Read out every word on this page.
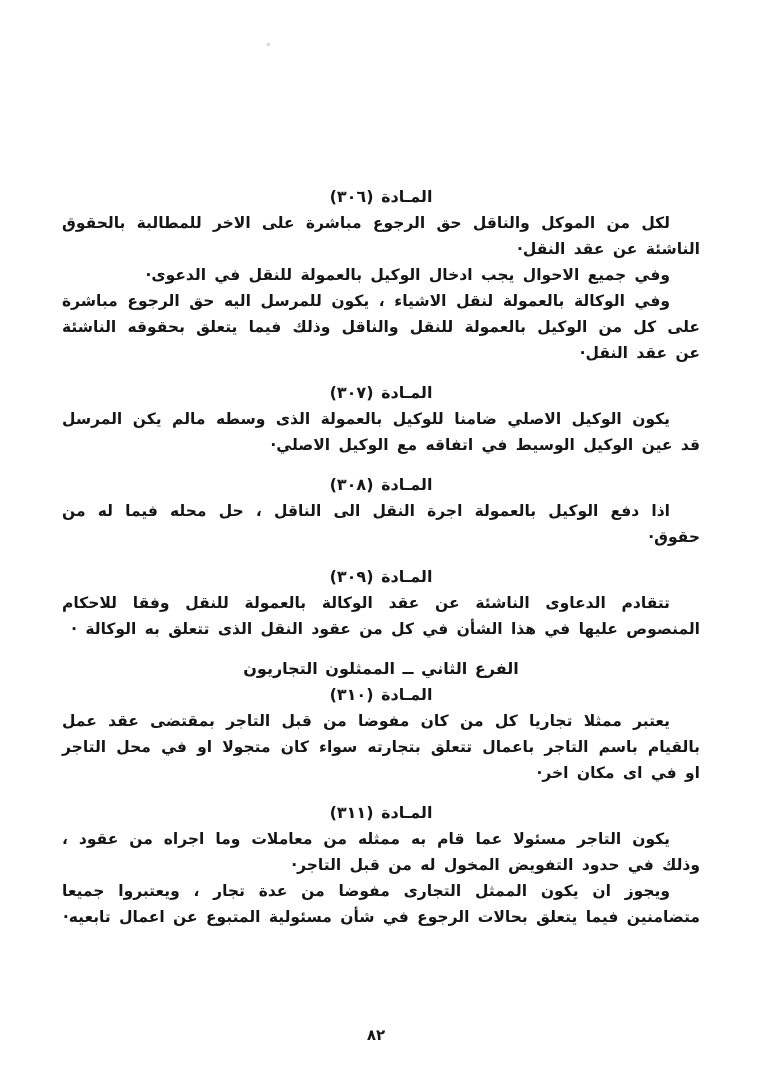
المـادة (٣٠٦)

لكل من الموكل والناقل حق الرجوع مباشرة على الاخر للمطالبة بالحقوق الناشئة عن عقد النقل·

وفي جميع الاحوال يجب ادخال الوكيل بالعمولة للنقل في الدعوى·

وفي الوكالة بالعمولة لنقل الاشياء ، يكون للمرسل اليه حق الرجوع مباشرة على كل من الوكيل بالعمولة للنقل والناقل وذلك فيما يتعلق بحقوقه الناشئة عن عقد النقل·

المـادة (٣٠٧)

يكون الوكيل الاصلي ضامنا للوكيل بالعمولة الذى وسطه مالم يكن المرسل قد عين الوكيل الوسيط في اتفاقه مع الوكيل الاصلي·

المـادة (٣٠٨)

اذا دفع الوكيل بالعمولة اجرة النقل الى الناقل ، حل محله فيما له من حقوق·

المـادة (٣٠٩)

تتقادم الدعاوى الناشئة عن عقد الوكالة بالعمولة للنقل وفقا للاحكام المنصوص عليها في هذا الشأن في كل من عقود النقل الذى تتعلق به الوكالة ·

الفرع الثاني ــ الممثلون التجاريون
المـادة (٣١٠)

يعتبر ممثلا تجاريا كل من كان مفوضا من قبل التاجر بمقتضى عقد عمل بالقيام باسم التاجر باعمال تتعلق بتجارته سواء كان متجولا او في محل التاجر او في اى مكان اخر·

المـادة (٣١١)

يكون التاجر مسئولا عما قام به ممثله من معاملات وما اجراه من عقود ، وذلك في حدود التفويض المخول له من قبل التاجر·

ويجوز ان يكون الممثل التجارى مفوضا من عدة تجار ، ويعتبروا جميعا متضامنين فيما يتعلق بحالات الرجوع في شأن مسئولية المتبوع عن اعمال تابعيه·

٨٢
